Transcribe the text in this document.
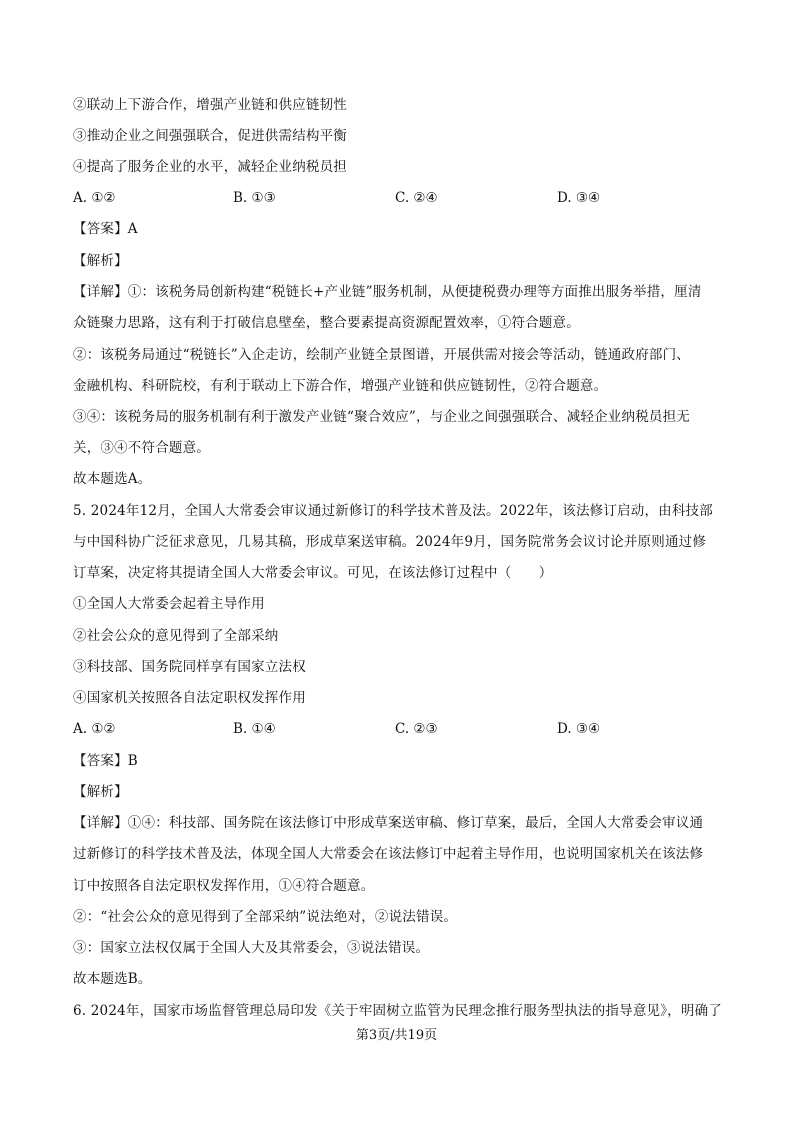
②联动上下游合作，增强产业链和供应链韧性
③推动企业之间强强联合，促进供需结构平衡
④提高了服务企业的水平，减轻企业纳税员担
A. ①②	B. ①③	C. ②④	D. ③④
【答案】A
【解析】
【详解】①：该税务局创新构建“税链长+产业链”服务机制，从便捷税费办理等方面推出服务举措，厘清
众链聚力思路，这有利于打破信息壁垒，整合要素提高资源配置效率，①符合题意。
②：该税务局通过“税链长”入企走访，绘制产业链全景图谱，开展供需对接会等活动，链通政府部门、
金融机构、科研院校，有利于联动上下游合作，增强产业链和供应链韧性，②符合题意。
③④：该税务局的服务机制有利于激发产业链“聚合效应”，与企业之间强强联合、减轻企业纳税员担无
关，③④不符合题意。
故本题选A。
5. 2024年12月，全国人大常委会审议通过新修订的科学技术普及法。2022年，该法修订启动，由科技部
与中国科协广泛征求意见，几易其稿，形成草案送审稿。2024年9月，国务院常务会议讨论并原则通过修
订草案，决定将其提请全国人大常委会审议。可见，在该法修订过程中（　　）
①全国人大常委会起着主导作用
②社会公众的意见得到了全部采纳
③科技部、国务院同样享有国家立法权
④国家机关按照各自法定职权发挥作用
A. ①②	B. ①④	C. ②③	D. ③④
【答案】B
【解析】
【详解】①④：科技部、国务院在该法修订中形成草案送审稿、修订草案，最后，全国人大常委会审议通
过新修订的科学技术普及法，体现全国人大常委会在该法修订中起着主导作用，也说明国家机关在该法修
订中按照各自法定职权发挥作用，①④符合题意。
②：“社会公众的意见得到了全部采纳”说法绝对，②说法错误。
③：国家立法权仅属于全国人大及其常委会，③说法错误。
故本题选B。
6. 2024年，国家市场监督管理总局印发《关于牢固树立监管为民理念推行服务型执法的指导意见》，明确了
第3页/共19页
